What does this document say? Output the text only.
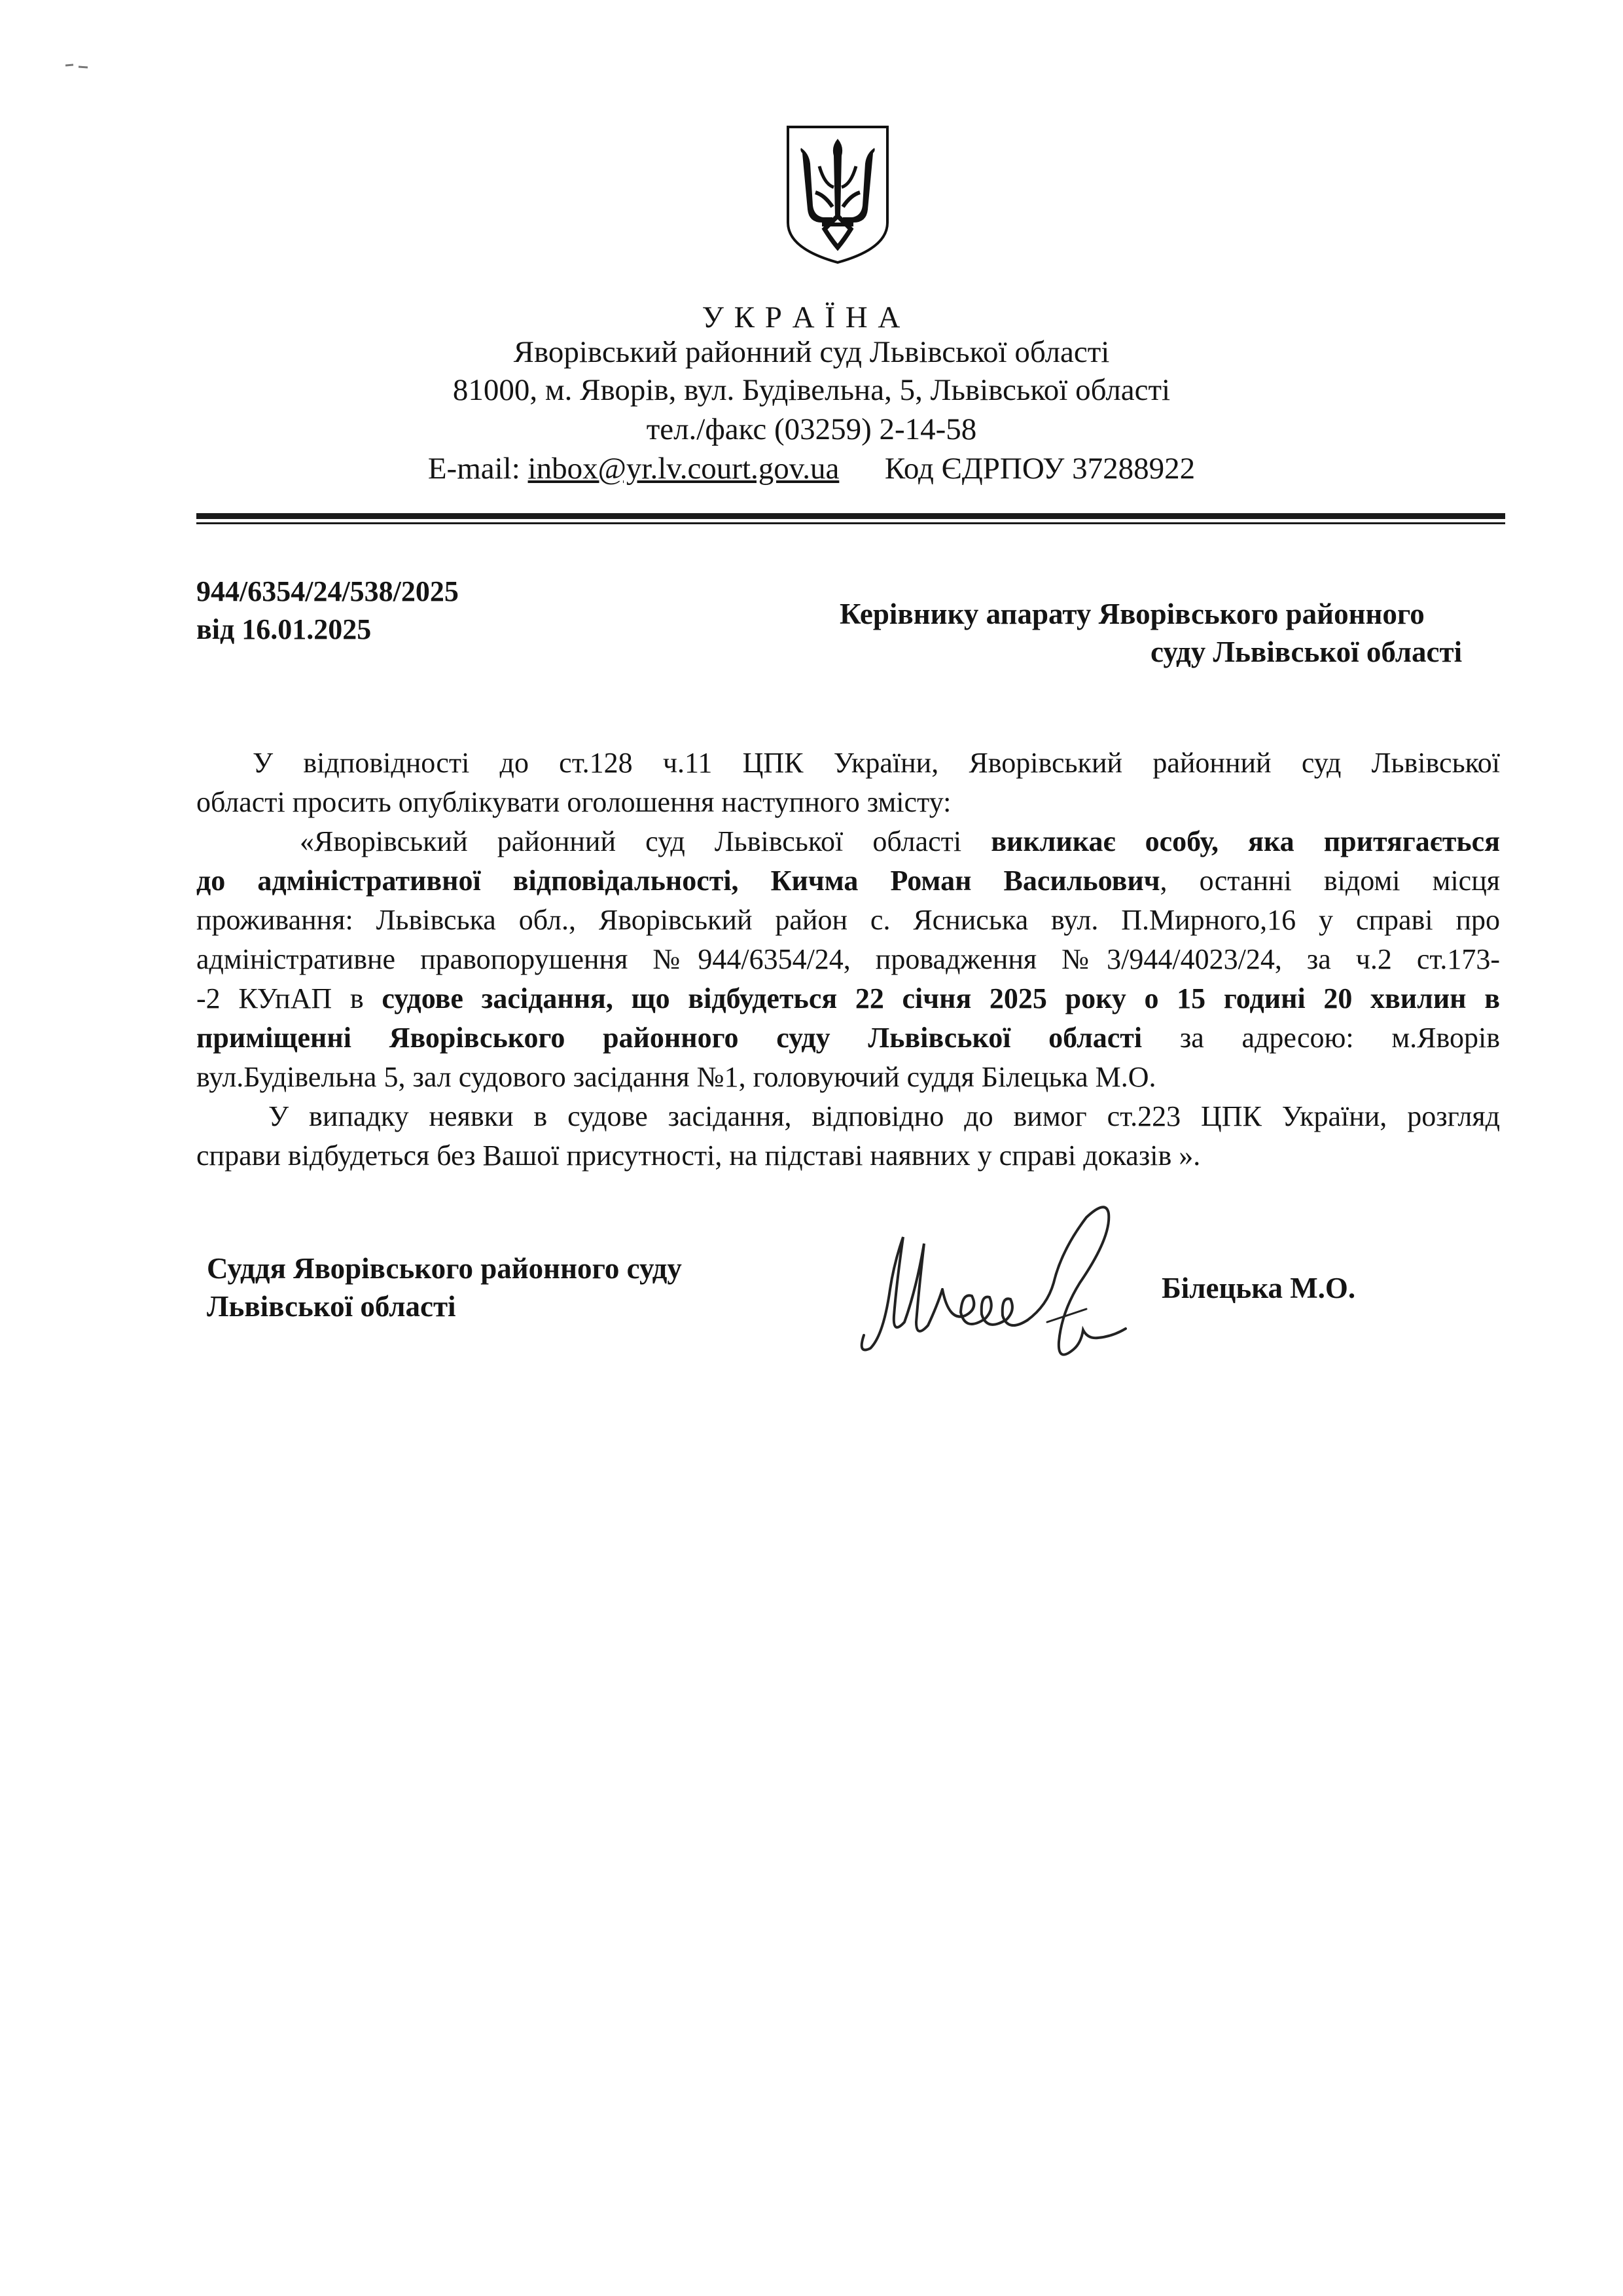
У К Р А Ї Н А
Яворівський районний суд Львівської області
81000, м. Яворів, вул. Будівельна, 5, Львівської області
тел./факс (03259) 2-14-58
E-mail: inbox@yr.lv.court.gov.ua Код ЄДРПОУ 37288922
944/6354/24/538/2025
від 16.01.2025	Керівнику апарату Яворівського районного
суду Львівської області
У відповідності до ст.128 ч.11 ЦПК України, Яворівський районний суд Львівської
області просить опублікувати оголошення наступного змісту:
«Яворівський районний суд Львівської області викликає особу, яка притягається
до адміністративної відповідальності, Кичма Роман Васильович, останні відомі місця
проживання: Львівська обл., Яворівський район с. Ясниська вул. П.Мирного,16 у справі про
адміністративне правопорушення №944/6354/24, провадження №3/944/4023/24, за ч.2 ст.173-
-2 КУпАП в судове засідання, що відбудеться 22 січня 2025 року о 15 годині 20 хвилин в
приміщенні Яворівського районного суду Львівської області за адресою: м.Яворів
вул.Будівельна 5, зал судового засідання №1, головуючий суддя Білецька М.О.
У випадку неявки в судове засідання, відповідно до вимог ст.223 ЦПК України, розгляд
справи відбудеться без Вашої присутності, на підставі наявних у справі доказів ».
Суддя Яворівського районного суду
Львівської області
Білецька М.О.
